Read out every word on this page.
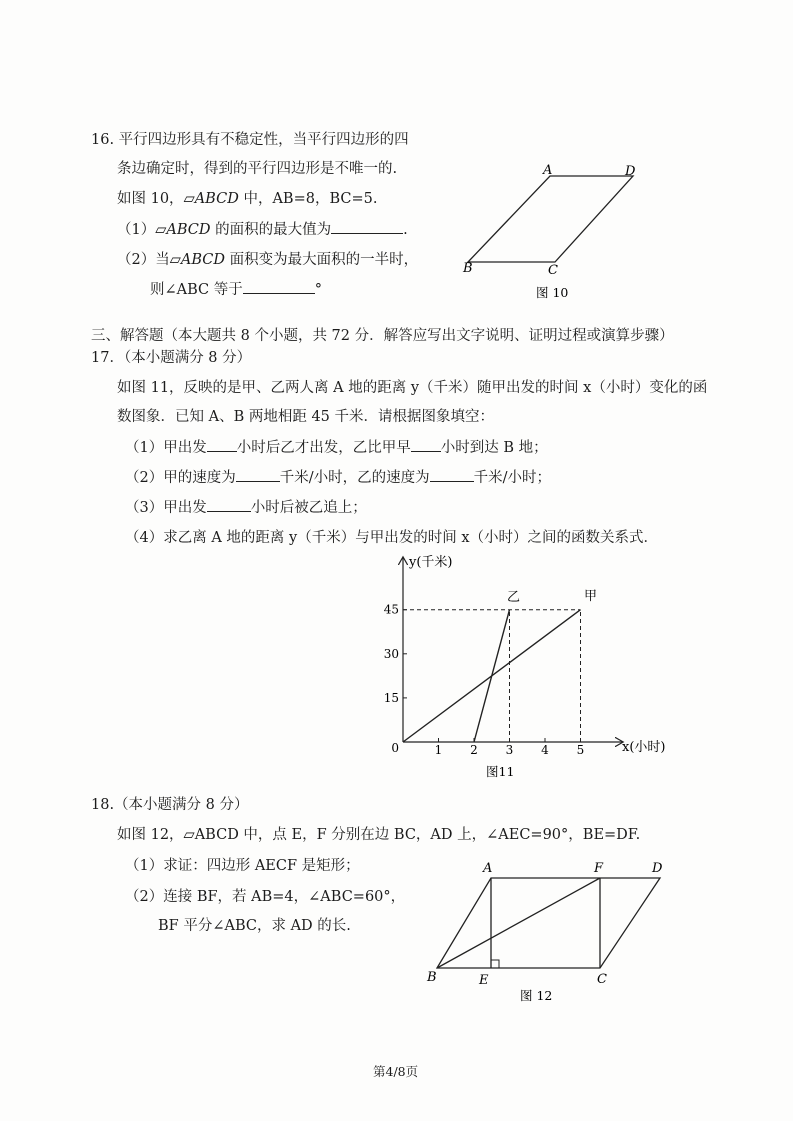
16. 平行四边形具有不稳定性，当平行四边形的四
条边确定时，得到的平行四边形是不唯一的.
如图 10，▱ABCD 中，AB=8，BC=5.
（1）▱ABCD 的面积的最大值为	.
（2）当▱ABCD 面积变为最大面积的一半时，
则∠ABC 等于	°
A	D
B	C
图 10
三、解答题（本大题共 8 个小题，共 72 分．解答应写出文字说明、证明过程或演算步骤）
17．（本小题满分 8 分）
如图 11，反映的是甲、乙两人离 A 地的距离 y（千米）随甲出发的时间 x（小时）变化的函
数图象．已知 A、B 两地相距 45 千米．请根据图象填空：
（1）甲出发 小时后乙才出发，乙比甲早 小时到达 B 地；
（2）甲的速度为	千米/小时，乙的速度为	千米/小时；
（3）甲出发	小时后被乙追上；
（4）求乙离 A 地的距离 y（千米）与甲出发的时间 x（小时）之间的函数关系式．
y(千米)
x(小时)
0	1 2 3 4 5
15
30
45
乙	甲
图11
18.（本小题满分 8 分）
如图 12，▱ABCD 中，点 E，F 分别在边 BC，AD 上，∠AEC=90°，BE=DF.
（1）求证：四边形 AECF 是矩形；
（2）连接 BF，若 AB=4，∠ABC=60°，
BF 平分∠ABC，求 AD 的长.
A	F	D
B	E	C
图 12
第4/8页
